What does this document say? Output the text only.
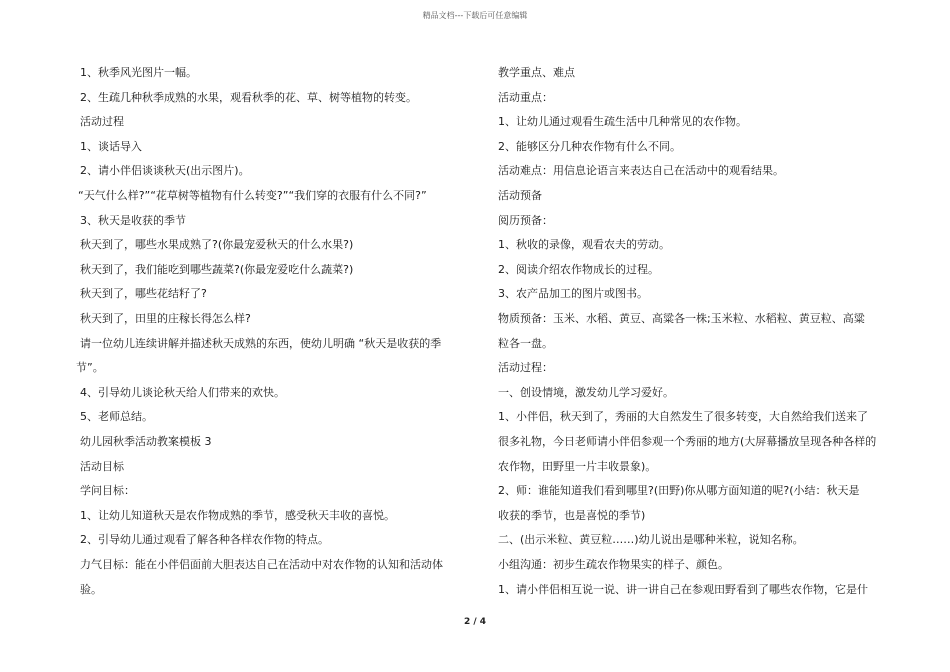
精品文档---下载后可任意编辑
1、秋季风光图片一幅。
2、生疏几种秋季成熟的水果，观看秋季的花、草、树等植物的转变。
活动过程
1、谈话导入
2、请小伴侣谈谈秋天(出示图片)。
“天气什么样?”“花草树等植物有什么转变?”“我们穿的衣服有什么不同?”
3、秋天是收获的季节
秋天到了，哪些水果成熟了?(你最宠爱秋天的什么水果?)
秋天到了，我们能吃到哪些蔬菜?(你最宠爱吃什么蔬菜?)
秋天到了，哪些花结籽了?
秋天到了，田里的庄稼长得怎么样?
请一位幼儿连续讲解并描述秋天成熟的东西，使幼儿明确 “秋天是收获的季
节”。
4、引导幼儿谈论秋天给人们带来的欢快。
5、老师总结。
幼儿园秋季活动教案模板 3
活动目标
学问目标：
1、让幼儿知道秋天是农作物成熟的季节，感受秋天丰收的喜悦。
2、引导幼儿通过观看了解各种各样农作物的特点。
力气目标：能在小伴侣面前大胆表达自己在活动中对农作物的认知和活动体
验。
教学重点、难点
活动重点：
1、让幼儿通过观看生疏生活中几种常见的农作物。
2、能够区分几种农作物有什么不同。
活动难点：用信息论语言来表达自己在活动中的观看结果。
活动预备
阅历预备：
1、秋收的录像，观看农夫的劳动。
2、阅读介绍农作物成长的过程。
3、农产品加工的图片或图书。
物质预备：玉米、水稻、黄豆、高粱各一株;玉米粒、水稻粒、黄豆粒、高粱
粒各一盘。
活动过程：
一、创设情境，激发幼儿学习爱好。
1、小伴侣，秋天到了，秀丽的大自然发生了很多转变，大自然给我们送来了
很多礼物，今日老师请小伴侣参观一个秀丽的地方(大屏幕播放呈现各种各样的
农作物，田野里一片丰收景象)。
2、师：谁能知道我们看到哪里?(田野)你从哪方面知道的呢?(小结：秋天是
收获的季节，也是喜悦的季节)
二、(出示米粒、黄豆粒……)幼儿说出是哪种米粒，说知名称。
小组沟通：初步生疏农作物果实的样子、颜色。
1、请小伴侣相互说一说、讲一讲自己在参观田野看到了哪些农作物，它是什
2 / 4
